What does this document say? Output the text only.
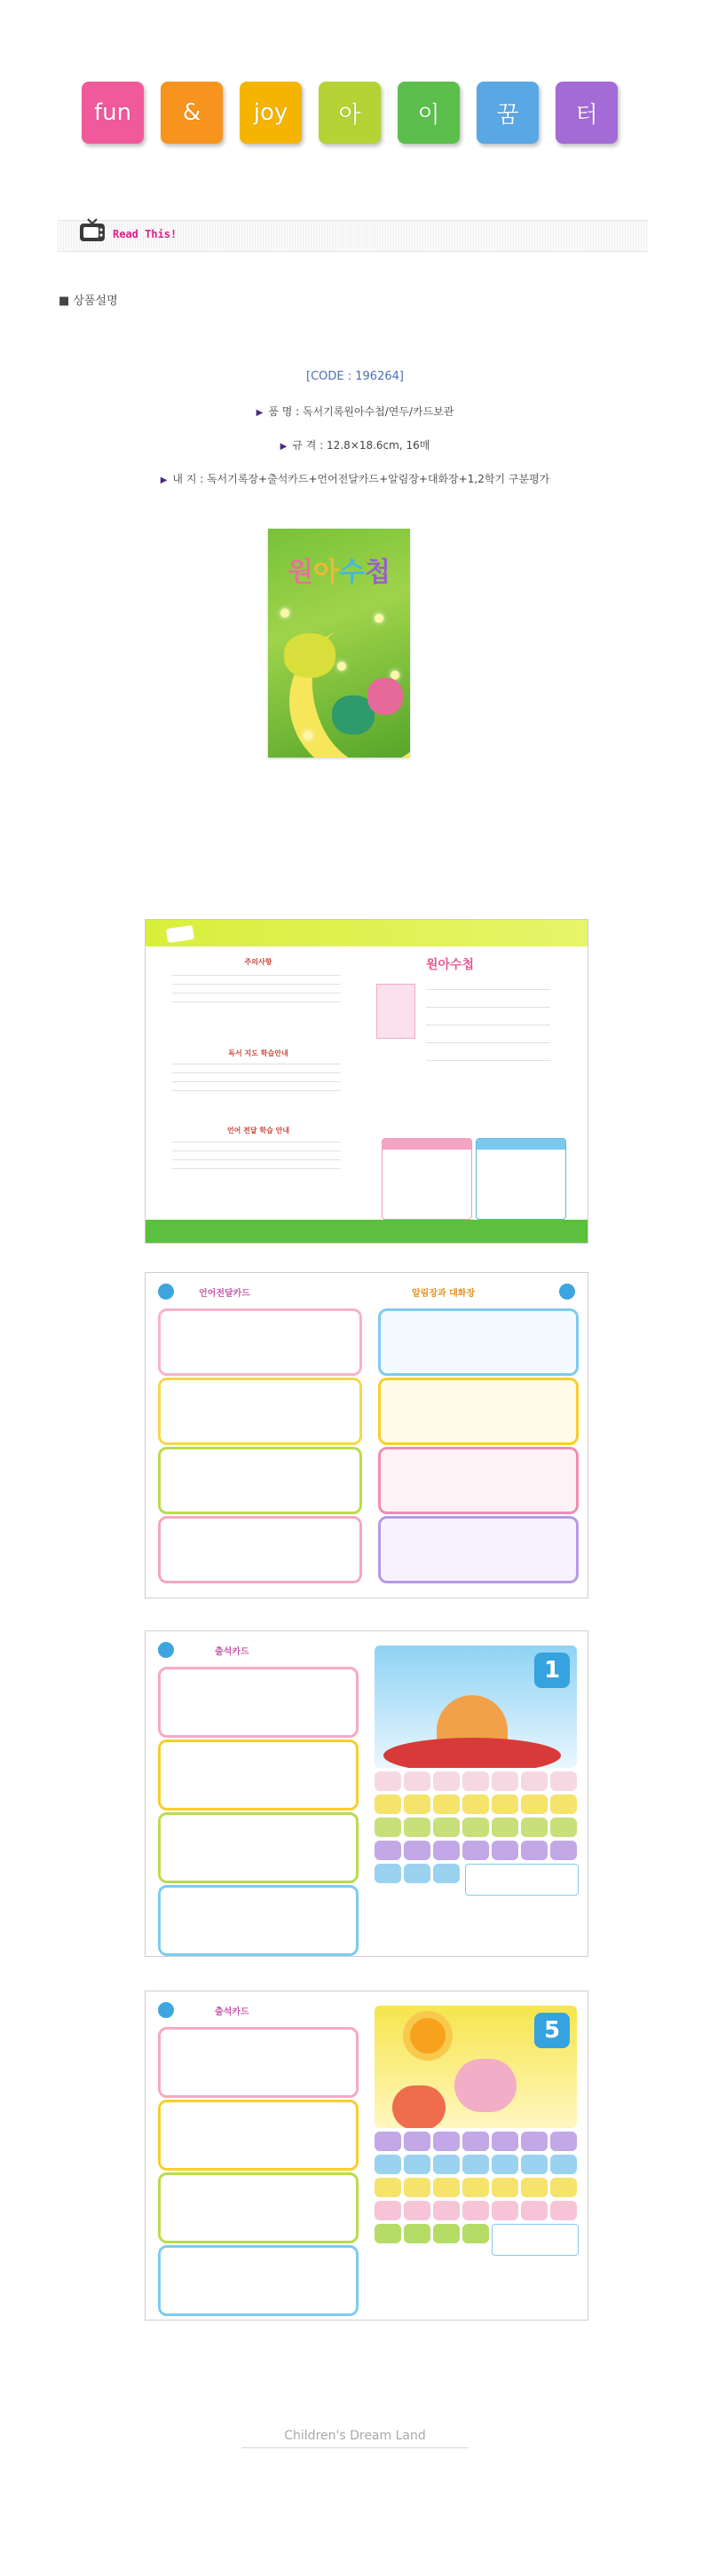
fun & joy 아 이 꿈 터
Read This!
■ 상품설명
[CODE : 196264]
▶ 품 명 : 독서기록원아수첩/연두/카드보관
▶ 규 격 : 12.8×18.6cm, 16매
▶ 내 지 : 독서기록장+출석카드+언어전달카드+알림장+대화장+1,2학기 구분평가
원아수첩
주의사항
독서 지도 학습안내
언어 전달 학습 안내
원아수첩
언어전달카드	알림장과 대화장
출석카드
1
출석카드
5
Children's Dream Land
